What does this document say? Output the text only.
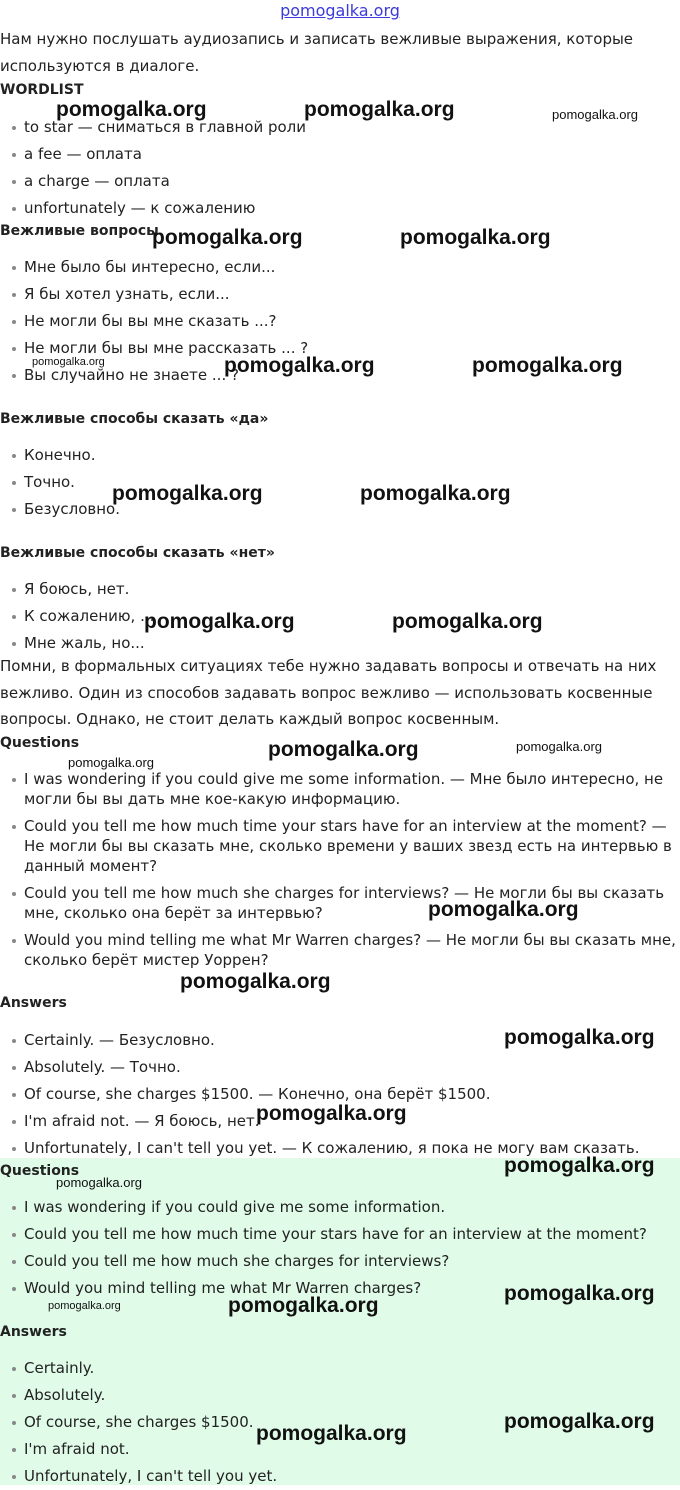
pomogalka.org

Нам нужно послушать аудиозапись и записать вежливые выражения, которые используются в диалоге.

WORDLIST
to star — сниматься в главной роли
a fee — оплата
a charge — оплата
unfortunately — к сожалению
Вежливые вопросы
Мне было бы интересно, если...
Я бы хотел узнать, если...
Не могли бы вы мне сказать ...?
Не могли бы вы мне рассказать ... ?
Вы случайно не знаете ... ?
Вежливые способы сказать «да»
Конечно.
Точно.
Безусловно.
Вежливые способы сказать «нет»
Я боюсь, нет.
К сожалению, ...
Мне жаль, но...

Помни, в формальных ситуациях тебе нужно задавать вопросы и отвечать на них вежливо. Один из способов задавать вопрос вежливо — использовать косвенные вопросы. Однако, не стоит делать каждый вопрос косвенным.

Questions
I was wondering if you could give me some information. — Мне было интересно, не могли бы вы дать мне кое-какую информацию.
Could you tell me how much time your stars have for an interview at the moment? — Не могли бы вы сказать мне, сколько времени у ваших звезд есть на интервью в данный момент?
Could you tell me how much she charges for interviews? — Не могли бы вы сказать мне, сколько она берёт за интервью?
Would you mind telling me what Mr Warren charges? — Не могли бы вы сказать мне, сколько берёт мистер Уоррен?
Answers
Certainly. — Безусловно.
Absolutely. — Точно.
Of course, she charges $1500. — Конечно, она берёт $1500.
I'm afraid not. — Я боюсь, нет.
Unfortunately, I can't tell you yet. — К сожалению, я пока не могу вам сказать.
Questions
I was wondering if you could give me some information.
Could you tell me how much time your stars have for an interview at the moment?
Could you tell me how much she charges for interviews?
Would you mind telling me what Mr Warren charges?
Answers
Certainly.
Absolutely.
Of course, she charges $1500.
I'm afraid not.
Unfortunately, I can't tell you yet.
pomogalka.org	pomogalka.org	pomogalka.org
pomogalka.org	pomogalka.org
pomogalka.org	pomogalka.org	pomogalka.org
pomogalka.org	pomogalka.org
pomogalka.org	pomogalka.org
pomogalka.org
pomogalka.org	pomogalka.org
pomogalka.org
pomogalka.org
pomogalka.org
pomogalka.org
pomogalka.org
pomogalka.org
pomogalka.org	pomogalka.org
pomogalka.org
pomogalka.org
pomogalka.org
